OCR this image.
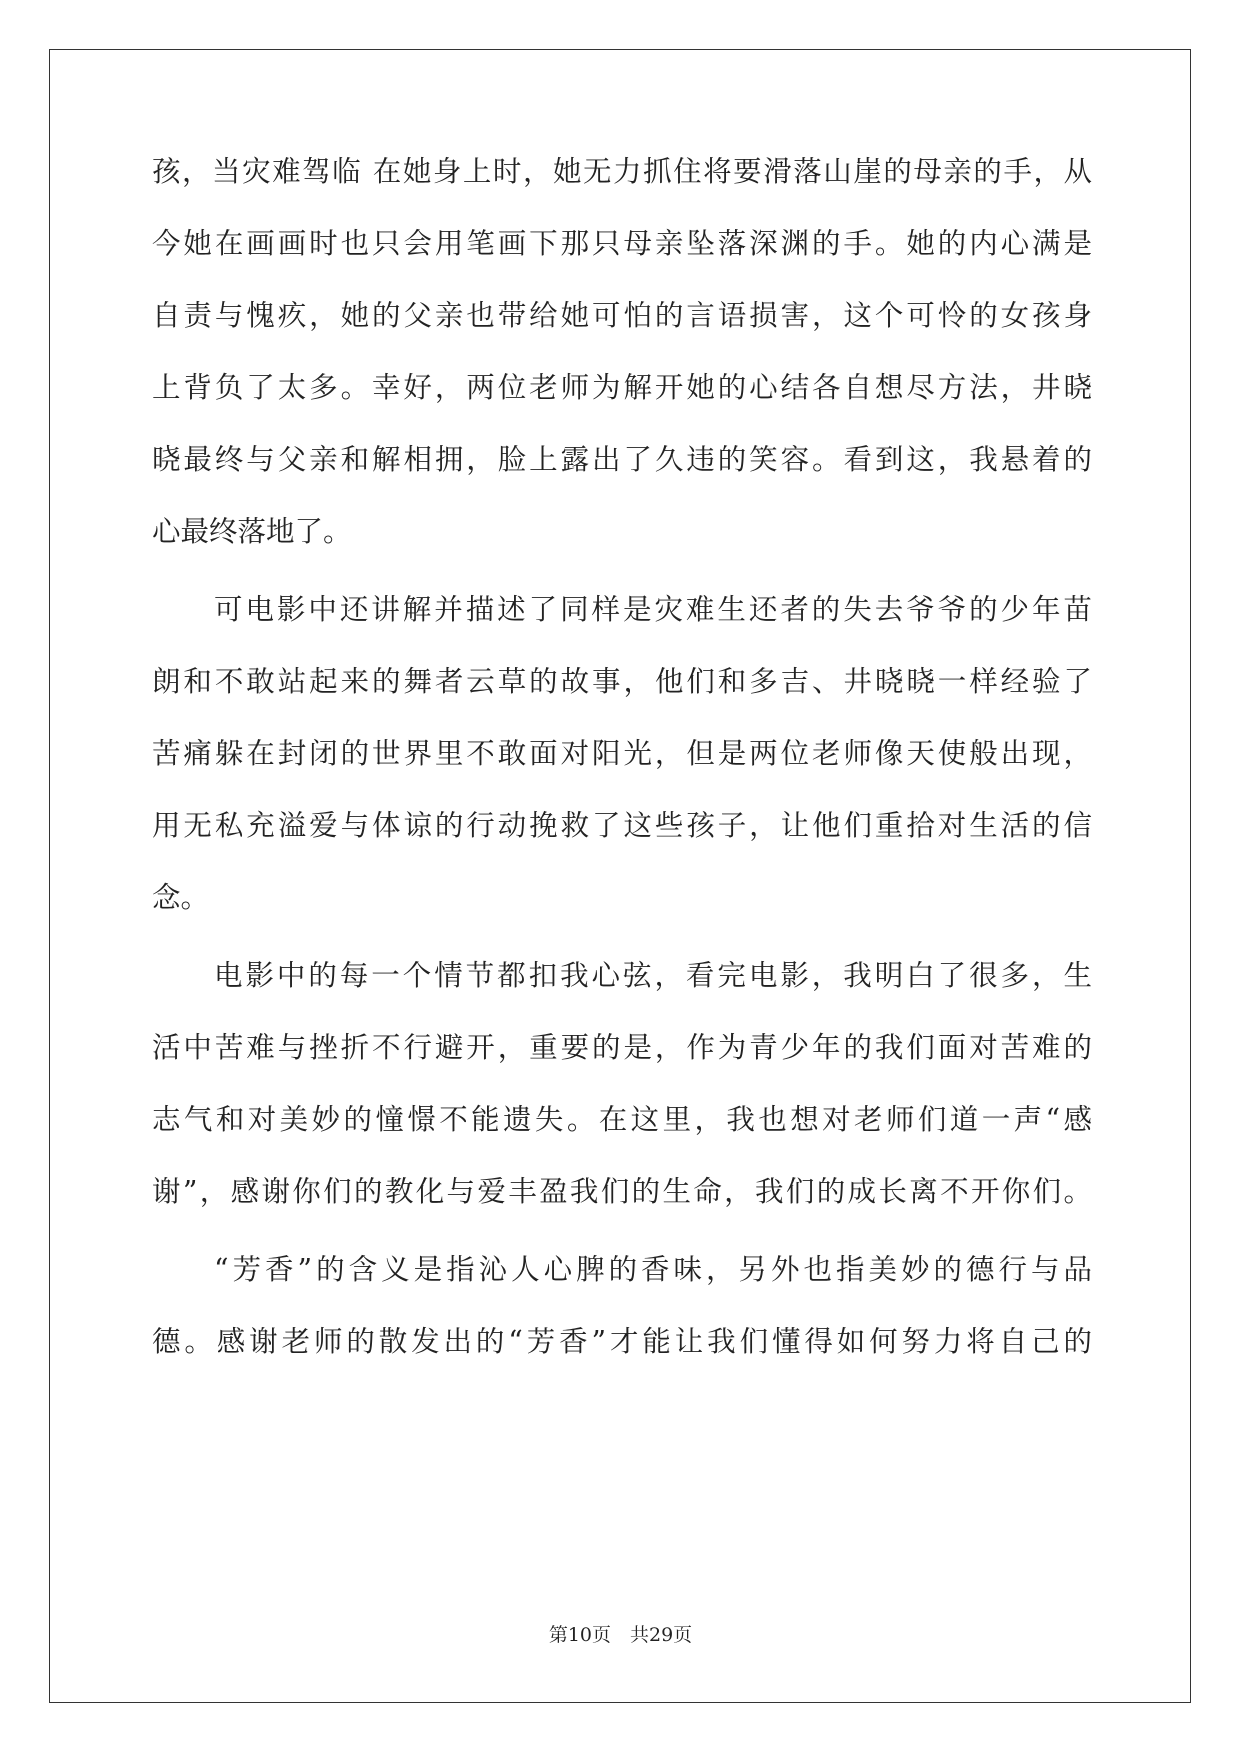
孩，当灾难驾临 在她身上时，她无力抓住将要滑落山崖的母亲的手，从
今她在画画时也只会用笔画下那只母亲坠落深渊的手。她的内心满是
自责与愧疚，她的父亲也带给她可怕的言语损害，这个可怜的女孩身
上背负了太多。幸好，两位老师为解开她的心结各自想尽方法，井晓
晓最终与父亲和解相拥，脸上露出了久违的笑容。看到这，我悬着的
心最终落地了。
可电影中还讲解并描述了同样是灾难生还者的失去爷爷的少年苗
朗和不敢站起来的舞者云草的故事，他们和多吉、井晓晓一样经验了
苦痛躲在封闭的世界里不敢面对阳光，但是两位老师像天使般出现，
用无私充溢爱与体谅的行动挽救了这些孩子，让他们重拾对生活的信
念。
电影中的每一个情节都扣我心弦，看完电影，我明白了很多，生
活中苦难与挫折不行避开，重要的是，作为青少年的我们面对苦难的
志气和对美妙的憧憬不能遗失。在这里，我也想对老师们道一声“感
谢”，感谢你们的教化与爱丰盈我们的生命，我们的成长离不开你们。
“芳香”的含义是指沁人心脾的香味，另外也指美妙的德行与品
德。感谢老师的散发出的“芳香”才能让我们懂得如何努力将自己的
第10页　共29页
